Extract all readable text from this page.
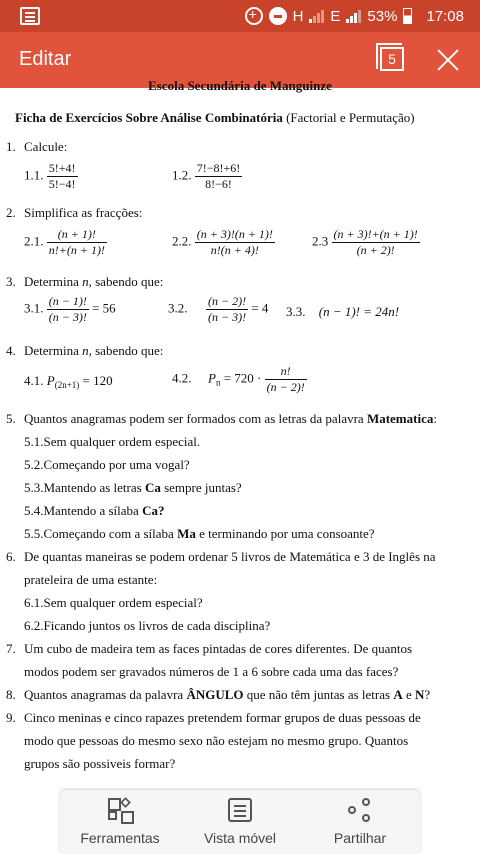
+
H E 53% 17:08
Editar	5
Escola Secundária de Manguinze
Ficha de Exercícios Sobre Análise Combinatória (Factorial e Permutação)
1. Calcule:
1.1. $\frac{5!+4!}{5!-4!}$	1.2. $\frac{7!-8!+6!}{8!-6!}$
2. Simplifica as fracções:
2.1. $\frac{(n + 1)!}{n!+(n + 1)!}$	2.2. $\frac{(n + 3)!(n + 1)!}{n!(n + 4)!}$	$2.3 \frac{(n + 3)!+(n + 1)!}{(n + 2)!}$
3. Determina n, sabendo que:
3.1. $\frac{(n - 1)!}{(n - 3)!} = 56$	3.2. $\frac{(n - 2)!}{(n - 3)!} = 4$ 3.3. (n − 1)! = 24n!
4. Determina n, sabendo que:
4.1. $P_{(2n+1)} = 120$	4.2. $P_n = 720 \cdot \frac{n!}{(n - 2)!}$
5. Quantos anagramas podem ser formados com as letras da palavra Matematica:
5.1.Sem qualquer ordem especial.
5.2.Começando por uma vogal?
5.3.Mantendo as letras Ca sempre juntas?
5.4.Mantendo a sílaba Ca?
5.5.Começando com a sílaba Ma e terminando por uma consoante?
6. De quantas maneiras se podem ordenar 5 livros de Matemática e 3 de Inglês na
prateleira de uma estante:
6.1.Sem qualquer ordem especial?
6.2.Ficando juntos os livros de cada disciplina?
7. Um cubo de madeira tem as faces pintadas de cores diferentes. De quantos
modos podem ser gravados números de 1 a 6 sobre cada uma das faces?
8. Quantos anagramas da palavra ÂNGULO que não têm juntas as letras A e N?
9. Cinco meninas e cinco rapazes pretendem formar grupos de duas pessoas de
modo que pessoas do mesmo sexo não estejam no mesmo grupo. Quantos
grupos são possiveis formar?
Ferramentas	Vista móvel	Partilhar
